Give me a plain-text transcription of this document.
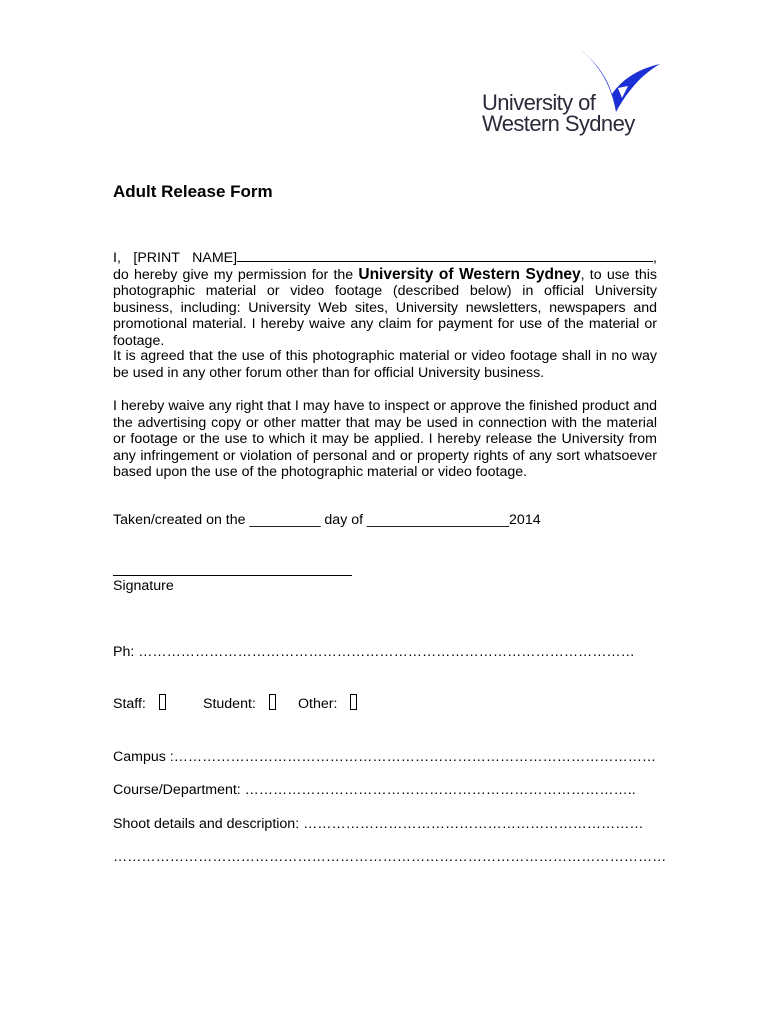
University of
Western Sydney
Adult Release Form

I, [PRINT NAME]	, do hereby give my permission for the University of Western Sydney, to use this photographic material or video footage (described below) in official University business, including: University Web sites, University newsletters, newspapers and promotional material. I hereby waive any claim for payment for use of the material or footage.

It is agreed that the use of this photographic material or video footage shall in no way be used in any other forum other than for official University business.

I hereby waive any right that I may have to inspect or approve the finished product and the advertising copy or other matter that may be used in connection with the material or footage or the use to which it may be applied. I hereby release the University from any infringement or violation of personal and or property rights of any sort whatsoever based upon the use of the photographic material or video footage.

Taken/created on the _________ day of __________________2014
Signature
Ph: ……………………………………………………………………………………………
Staff:	Student:	Other:
Campus :…………………………………………………………………………………………
Course/Department: ………………………………………………………………………..
Shoot details and description: ………………………………………………………………
………………………………………………………………………………………………………
